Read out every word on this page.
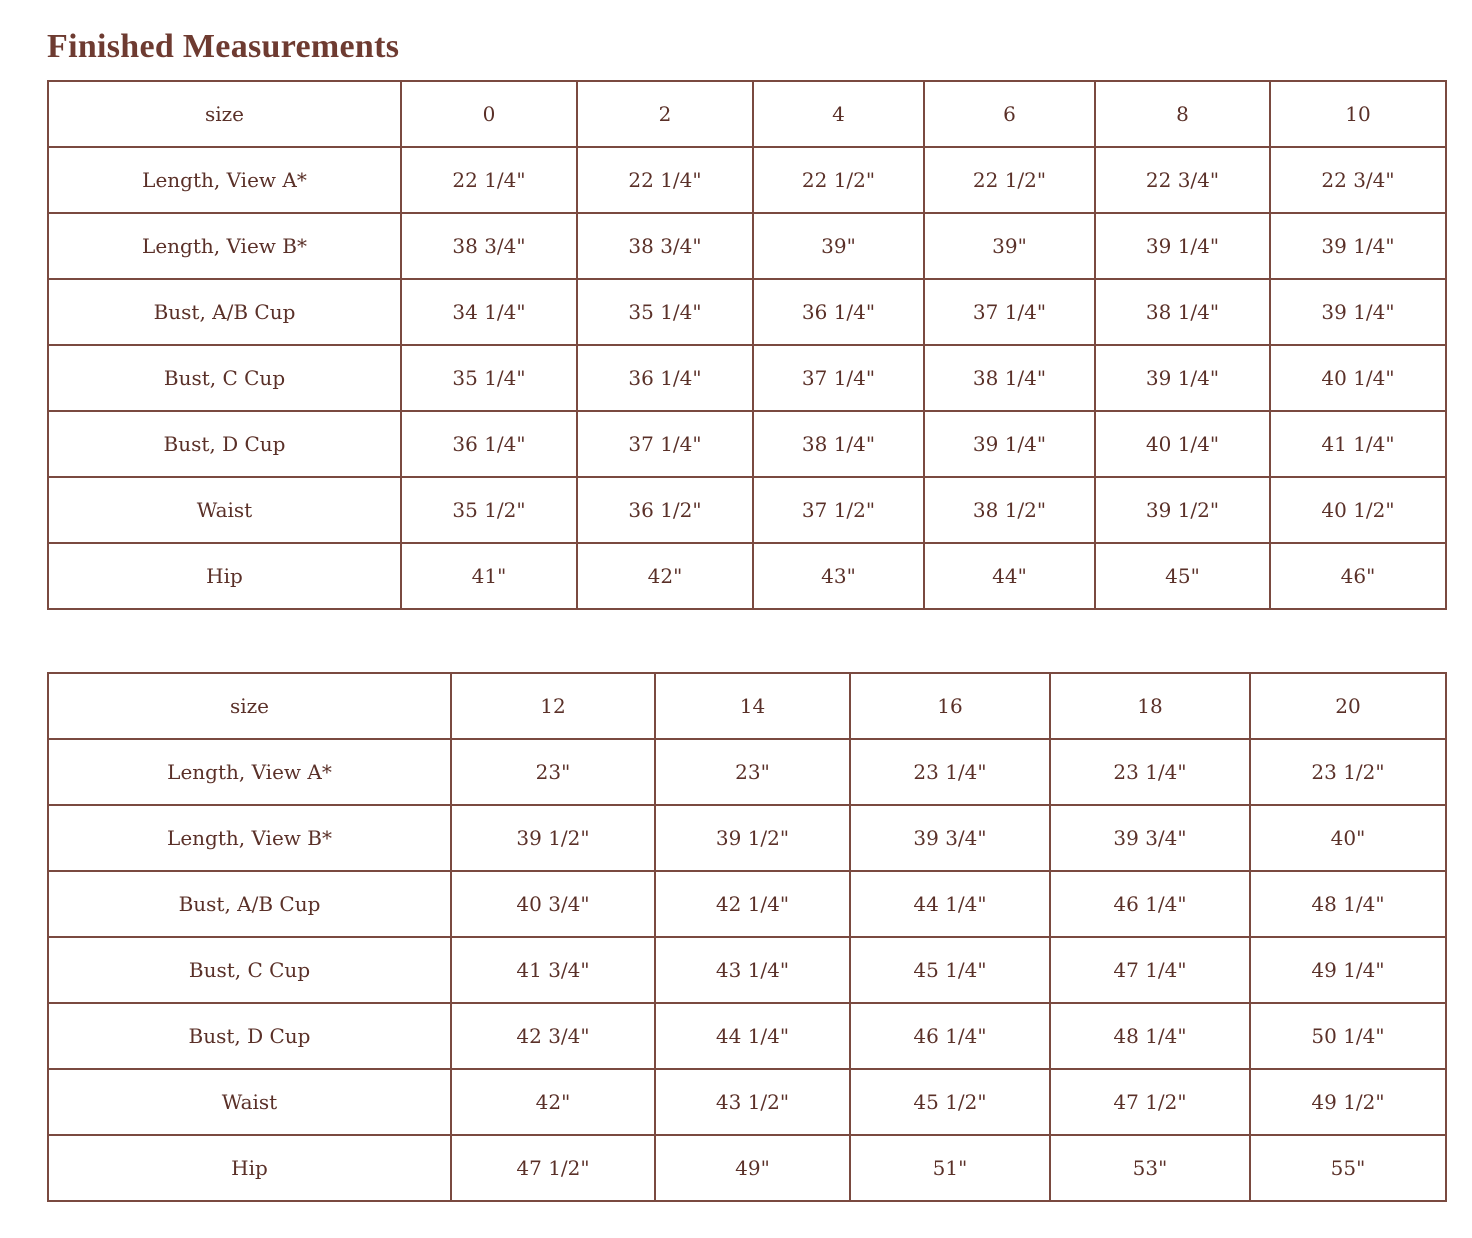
Finished Measurements
size	0	2	4	6	8	10
Length, View A*	22 1/4"	22 1/4"	22 1/2"	22 1/2"	22 3/4"	22 3/4"
Length, View B*	38 3/4"	38 3/4"	39"	39"	39 1/4"	39 1/4"
Bust, A/B Cup	34 1/4"	35 1/4"	36 1/4"	37 1/4"	38 1/4"	39 1/4"
Bust, C Cup	35 1/4"	36 1/4"	37 1/4"	38 1/4"	39 1/4"	40 1/4"
Bust, D Cup	36 1/4"	37 1/4"	38 1/4"	39 1/4"	40 1/4"	41 1/4"
Waist	35 1/2"	36 1/2"	37 1/2"	38 1/2"	39 1/2"	40 1/2"
Hip	41"	42"	43"	44"	45"	46"
size	12	14	16	18	20
Length, View A*	23"	23"	23 1/4"	23 1/4"	23 1/2"
Length, View B*	39 1/2"	39 1/2"	39 3/4"	39 3/4"	40"
Bust, A/B Cup	40 3/4"	42 1/4"	44 1/4"	46 1/4"	48 1/4"
Bust, C Cup	41 3/4"	43 1/4"	45 1/4"	47 1/4"	49 1/4"
Bust, D Cup	42 3/4"	44 1/4"	46 1/4"	48 1/4"	50 1/4"
Waist	42"	43 1/2"	45 1/2"	47 1/2"	49 1/2"
Hip	47 1/2"	49"	51"	53"	55"
